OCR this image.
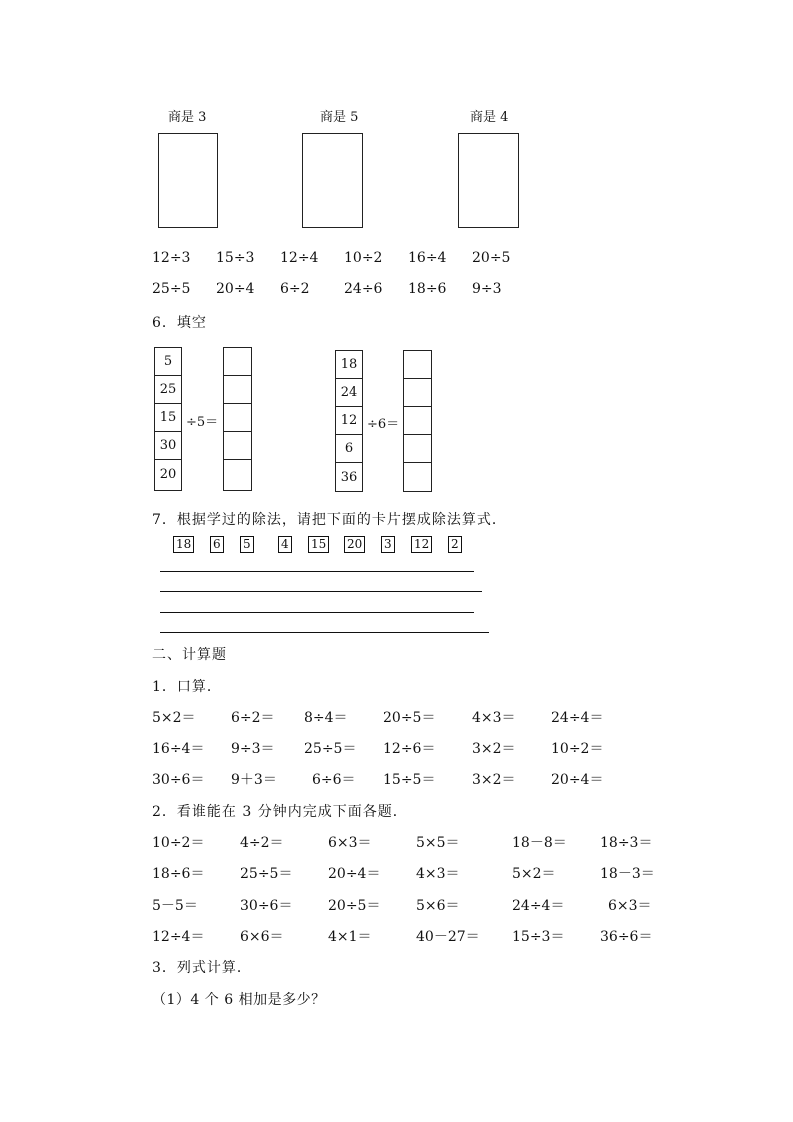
商是 3	商是 5	商是 4
12÷3 15÷3 12÷4 10÷2 16÷4 20÷5
25÷5 20÷4 6÷2 24÷6 18÷6 9÷3
6．填空
5
25
15
30
20
÷5＝
18
24
12
6
36
÷6＝
7．根据学过的除法，请把下面的卡片摆成除法算式．
18 6 5	4 15 20 3 12 2
二、计算题
1．口算．
5×2＝	6÷2＝ 8÷4＝	20÷5＝	4×3＝	24÷4＝
16÷4＝ 9÷3＝ 25÷5＝ 12÷6＝	3×2＝	10÷2＝
30÷6＝ 9＋3＝	6÷6＝ 15÷5＝	3×2＝	20÷4＝
2．看谁能在 3 分钟内完成下面各题．
10÷2＝	4÷2＝	6×3＝	5×5＝	18－8＝ 18÷3＝
18÷6＝	25÷5＝	20÷4＝	4×3＝	5×2＝	18－3＝
5－5＝	30÷6＝	20÷5＝	5×6＝	24÷4＝	6×3＝
12÷4＝	6×6＝	4×1＝	40－27＝ 15÷3＝	36÷6＝
3．列式计算．
（1）4 个 6 相加是多少？
